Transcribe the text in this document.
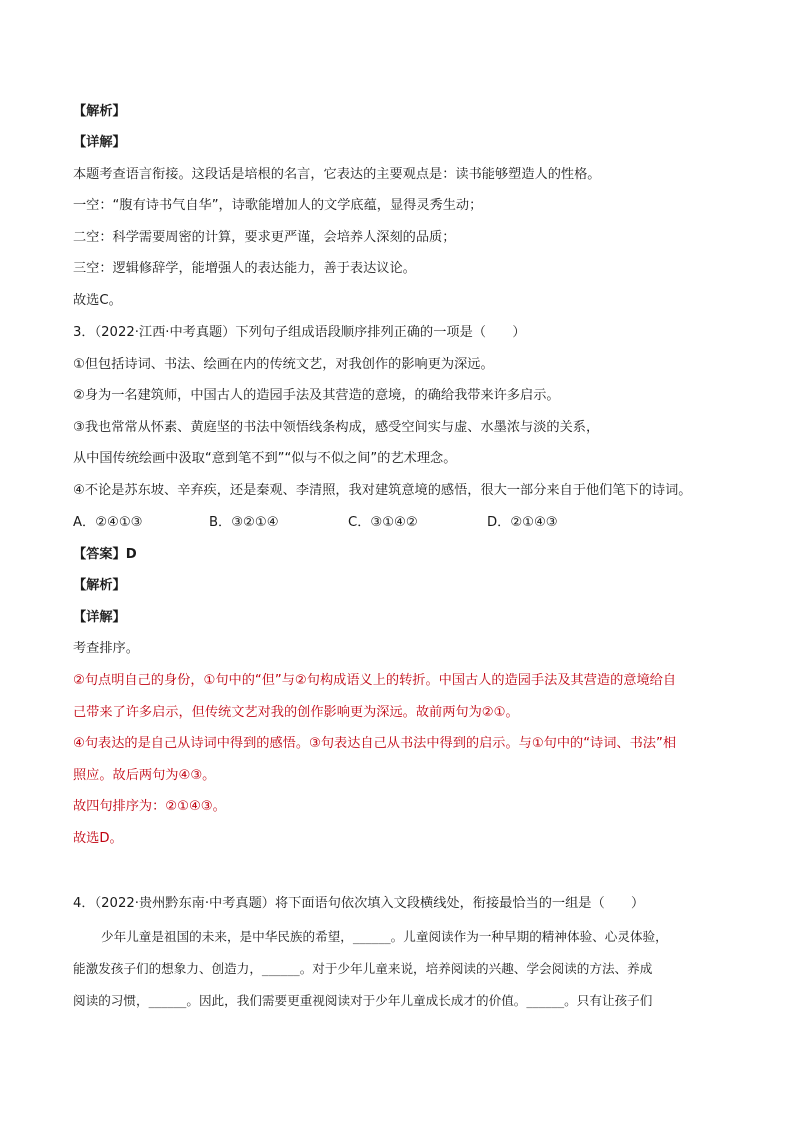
【解析】
【详解】
本题考查语言衔接。这段话是培根的名言，它表达的主要观点是：读书能够塑造人的性格。
一空：“腹有诗书气自华”，诗歌能增加人的文学底蕴，显得灵秀生动；
二空：科学需要周密的计算，要求更严谨，会培养人深刻的品质；
三空：逻辑修辞学，能增强人的表达能力，善于表达议论。
故选C。
3．（2022·江西·中考真题）下列句子组成语段顺序排列正确的一项是（　　）
①但包括诗词、书法、绘画在内的传统文艺，对我创作的影响更为深远。
②身为一名建筑师，中国古人的造园手法及其营造的意境，的确给我带来许多启示。
③我也常常从怀素、黄庭坚的书法中领悟线条构成，感受空间实与虚、水墨浓与淡的关系，
从中国传统绘画中汲取“意到笔不到”“似与不似之间”的艺术理念。
④不论是苏东坡、辛弃疾，还是秦观、李清照，我对建筑意境的感悟，很大一部分来自于他们笔下的诗词。
A．②④①③	B．③②①④	C．③①④②	D．②①④③
【答案】D
【解析】
【详解】
考查排序。
②句点明自己的身份，①句中的“但”与②句构成语义上的转折。中国古人的造园手法及其营造的意境给自
己带来了许多启示，但传统文艺对我的创作影响更为深远。故前两句为②①。
④句表达的是自己从诗词中得到的感悟。③句表达自己从书法中得到的启示。与①句中的“诗词、书法”相
照应。故后两句为④③。
故四句排序为：②①④③。
故选D。
4．（2022·贵州黔东南·中考真题）将下面语句依次填入文段横线处，衔接最恰当的一组是（　　）
少年儿童是祖国的未来，是中华民族的希望，______。儿童阅读作为一种早期的精神体验、心灵体验，
能激发孩子们的想象力、创造力，______。对于少年儿童来说，培养阅读的兴趣、学会阅读的方法、养成
阅读的习惯，______。因此，我们需要更重视阅读对于少年儿童成长成才的价值。______。只有让孩子们
